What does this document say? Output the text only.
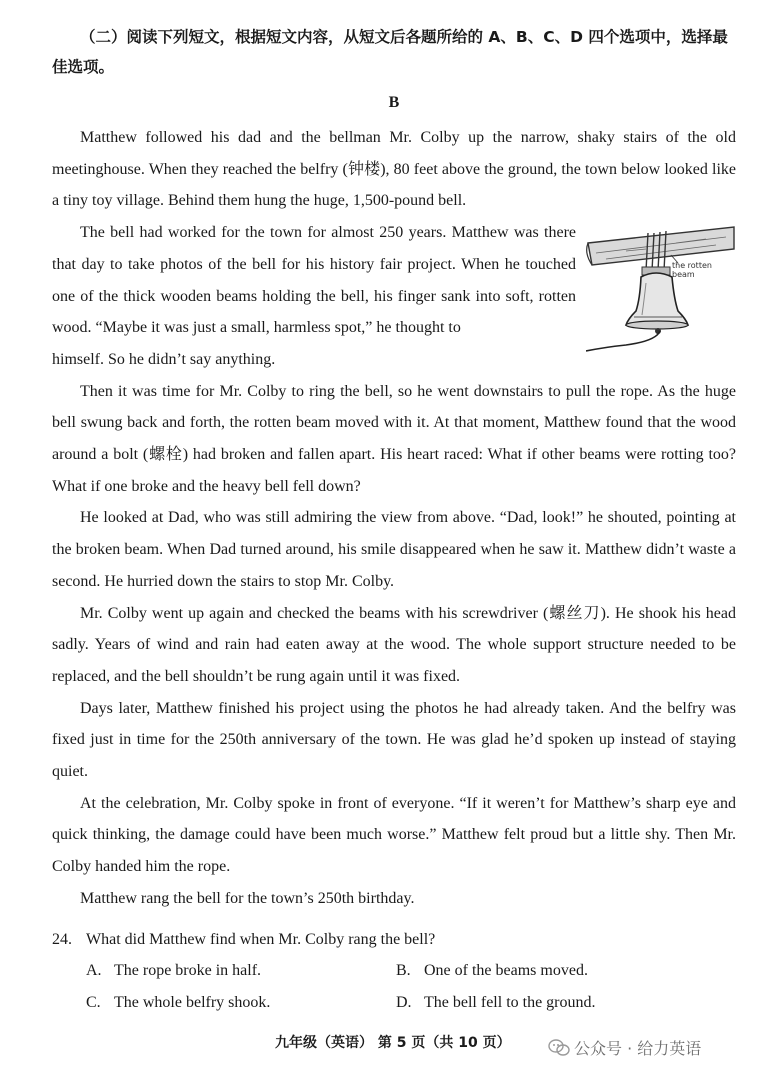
（二）阅读下列短文，根据短文内容，从短文后各题所给的 A、B、C、D 四个选项中，选择最佳选项。

B

Matthew followed his dad and the bellman Mr. Colby up the narrow, shaky stairs of the old meetinghouse. When they reached the belfry (钟楼), 80 feet above the ground, the town below looked like a tiny toy village. Behind them hung the huge, 1,500-pound bell.

the rotten beam

The bell had worked for the town for almost 250 years. Matthew was there that day to take photos of the bell for his history fair project. When he touched one of the thick wooden beams holding the bell, his finger sank into soft, rotten wood. “Maybe it was just a small, harmless spot,” he thought to

himself. So he didn’t say anything.

Then it was time for Mr. Colby to ring the bell, so he went downstairs to pull the rope. As the huge bell swung back and forth, the rotten beam moved with it. At that moment, Matthew found that the wood around a bolt (螺栓) had broken and fallen apart. His heart raced: What if other beams were rotting too? What if one broke and the heavy bell fell down?

He looked at Dad, who was still admiring the view from above. “Dad, look!” he shouted, pointing at the broken beam. When Dad turned around, his smile disappeared when he saw it. Matthew didn’t waste a second. He hurried down the stairs to stop Mr. Colby.

Mr. Colby went up again and checked the beams with his screwdriver (螺丝刀). He shook his head sadly. Years of wind and rain had eaten away at the wood. The whole support structure needed to be replaced, and the bell shouldn’t be rung again until it was fixed.

Days later, Matthew finished his project using the photos he had already taken. And the belfry was fixed just in time for the 250th anniversary of the town. He was glad he’d spoken up instead of staying quiet.

At the celebration, Mr. Colby spoke in front of everyone. “If it weren’t for Matthew’s sharp eye and quick thinking, the damage could have been much worse.” Matthew felt proud but a little shy. Then Mr. Colby handed him the rope.

Matthew rang the bell for the town’s 250th birthday.

24. What did Matthew find when Mr. Colby rang the bell?
A. The rope broke in half.	B. One of the beams moved.
C. The whole belfry shook.	D. The bell fell to the ground.
九年级（英语） 第 5 页（共 10 页）	公众号 · 给力英语
